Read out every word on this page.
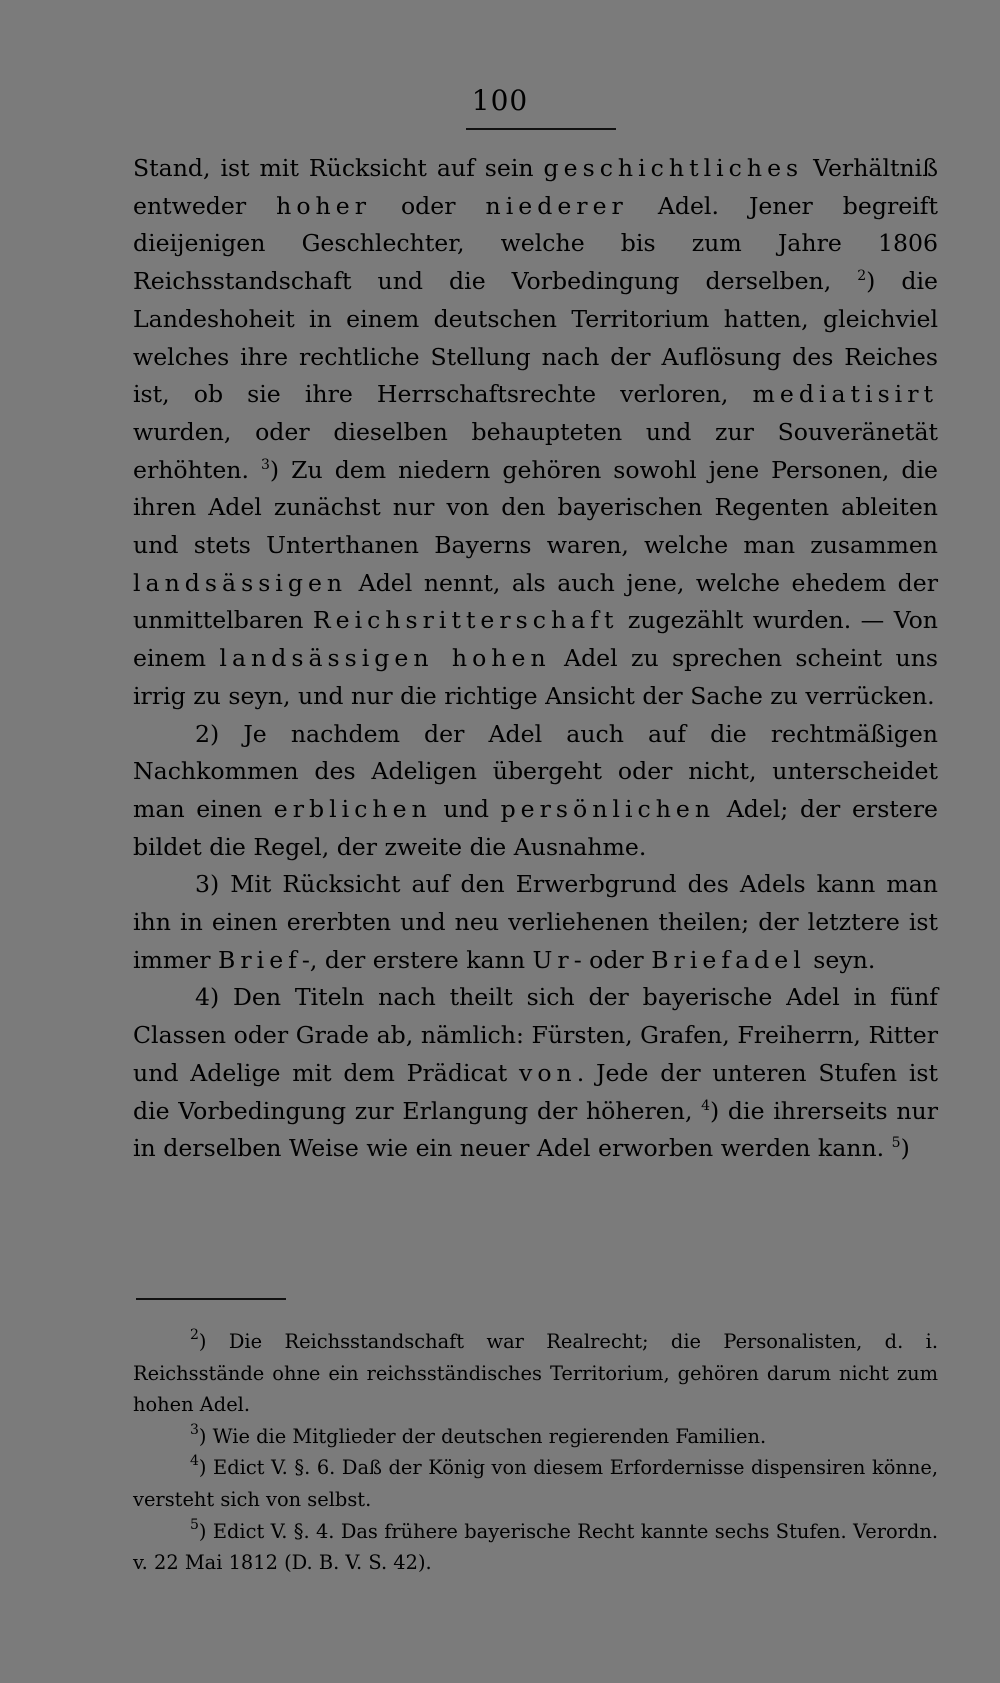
100

Stand, ist mit Rücksicht auf sein geschichtliches Verhältniß entweder hoher oder niederer Adel. Jener begreift dieijenigen Geschlechter, welche bis zum Jahre 1806 Reichsstandschaft und die Vorbedingung derselben, $^2$) die Landeshoheit in einem deutschen Territorium hatten, gleichviel welches ihre rechtliche Stellung nach der Auflösung des Reiches ist, ob sie ihre Herrschaftsrechte verloren, mediatisirt wurden, oder dieselben behaupteten und zur Souveränetät erhöhten. $^3$) Zu dem niedern gehören sowohl jene Personen, die ihren Adel zunächst nur von den bayerischen Regenten ableiten und stets Unterthanen Bayerns waren, welche man zusammen landsässigen Adel nennt, als auch jene, welche ehedem der unmittelbaren Reichsritterschaft zugezählt wurden. — Von einem landsässigen hohen Adel zu sprechen scheint uns irrig zu seyn, und nur die richtige Ansicht der Sache zu verrücken.

2) Je nachdem der Adel auch auf die rechtmäßigen Nachkommen des Adeligen übergeht oder nicht, unterscheidet man einen erblichen und persönlichen Adel; der erstere bildet die Regel, der zweite die Ausnahme.

3) Mit Rücksicht auf den Erwerbgrund des Adels kann man ihn in einen ererbten und neu verliehenen theilen; der letztere ist immer Brief-, der erstere kann Ur- oder Briefadel seyn.

4) Den Titeln nach theilt sich der bayerische Adel in fünf Classen oder Grade ab, nämlich: Fürsten, Grafen, Freiherrn, Ritter und Adelige mit dem Prädicat von. Jede der unteren Stufen ist die Vorbedingung zur Erlangung der höheren, $^4$) die ihrerseits nur in derselben Weise wie ein neuer Adel erworben werden kann. $^5$)

$^2$) Die Reichsstandschaft war Realrecht; die Personalisten, d. i. Reichsstände ohne ein reichsständisches Territorium, gehören darum nicht zum hohen Adel.

$^3$) Wie die Mitglieder der deutschen regierenden Familien.

$^4$) Edict V. §. 6. Daß der König von diesem Erfordernisse dispensiren könne, versteht sich von selbst.

$^5$) Edict V. §. 4. Das frühere bayerische Recht kannte sechs Stufen. Verordn. v. 22 Mai 1812 (D. B. V. S. 42).
